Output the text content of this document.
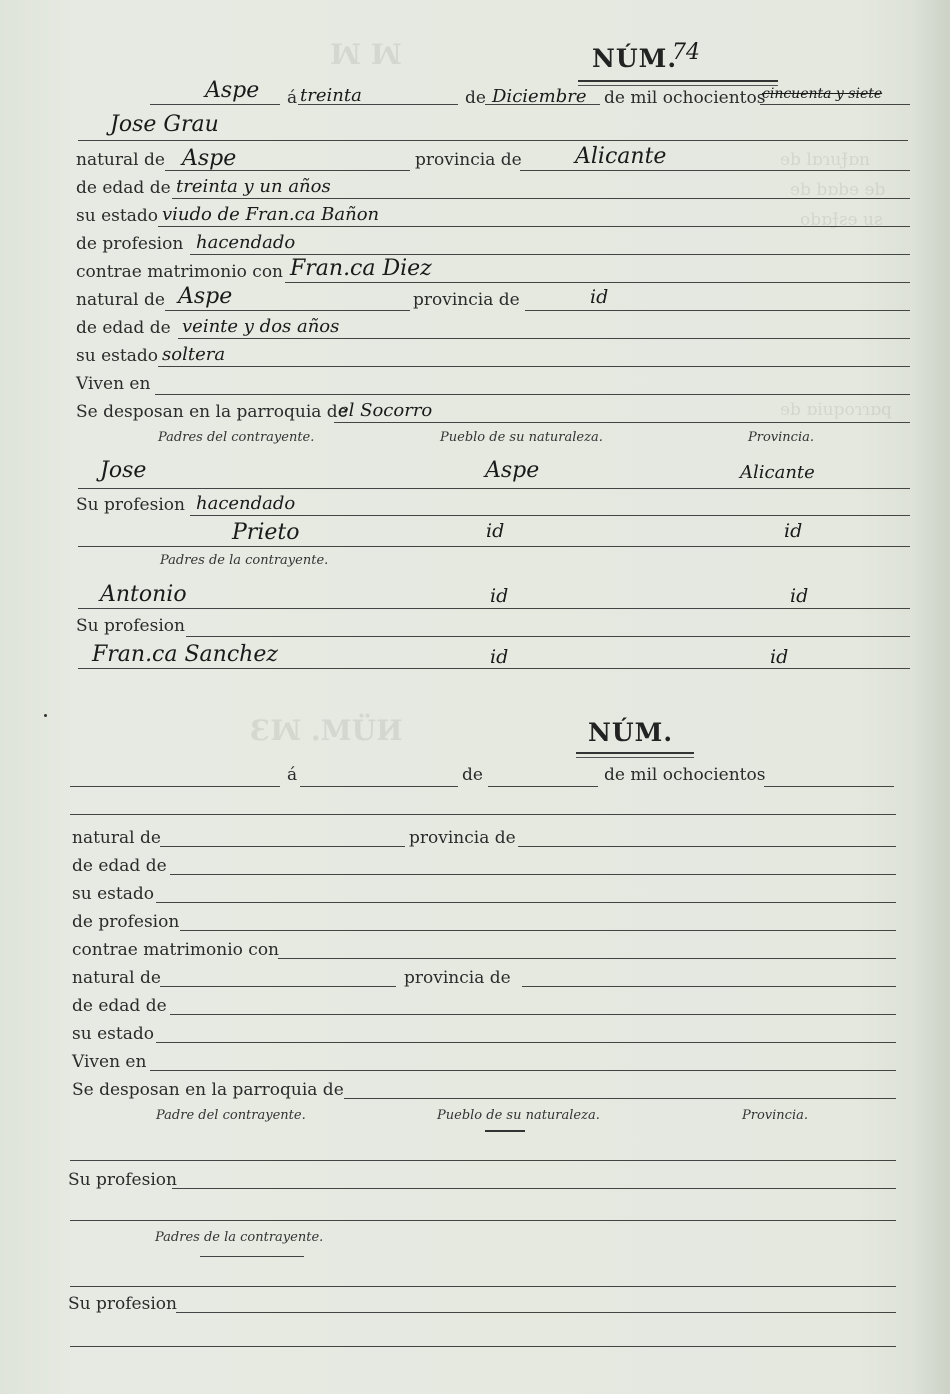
ꟽ ꟽ
ɘb lɒɿuɈɒn
ɘb bɒbɘ ɘb
obɒɈƨɘ uƨ
ɘb ɒiupoɿɿɒq
NÚM.
74
Aspe á treinta	de Diciembre de mil ochocientos
cincuenta y siete
Jose Grau
natural de Aspe	provincia de Alicante
de edad de treinta y un años
su estado viudo de Fran.ca Bañon
de profesion hacendado
contrae matrimonio con Fran.ca Diez
natural de Aspe	provincia de	id
de edad de veinte y dos años
su estado soltera
Viven en
Se desposan en la parroquia de
el Socorro
Padres del contrayente.	Pueblo de su naturaleza.	Provincia.
Jose	Aspe	Alicante
Su profesion hacendado
Prieto	id	id
Padres de la contrayente.
Antonio	id	id
Su profesion
Fran.ca Sanchez	id	id
Ɛꟽ .MÜИ	NÚM.
á	de	de mil ochocientos
natural de	provincia de
de edad de
su estado
de profesion
contrae matrimonio con
natural de	provincia de
de edad de
su estado
Viven en
Se desposan en la parroquia de
Padre del contrayente.	Pueblo de su naturaleza.	Provincia.
Su profesion
Padres de la contrayente.
Su profesion
